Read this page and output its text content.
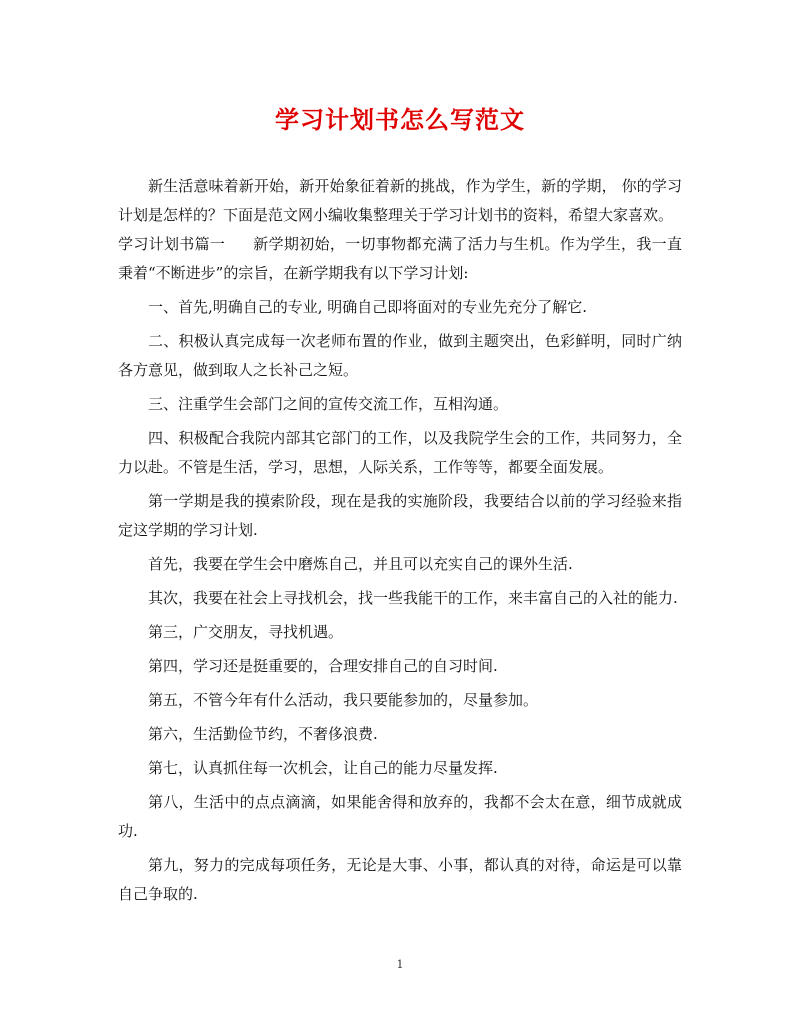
学习计划书怎么写范文

新生活意味着新开始，新开始象征着新的挑战，作为学生，新的学期， 你的学习计划是怎样的？下面是范文网小编收集整理关于学习计划书的资料，希望大家喜欢。

学习计划书篇一 新学期初始，一切事物都充满了活力与生机。作为学生，我一直秉着“不断进步”的宗旨，在新学期我有以下学习计划:

一、首先,明确自己的专业, 明确自己即将面对的专业先充分了解它.

二、积极认真完成每一次老师布置的作业，做到主题突出，色彩鲜明，同时广纳各方意见，做到取人之长补己之短。

三、注重学生会部门之间的宣传交流工作，互相沟通。

四、积极配合我院内部其它部门的工作，以及我院学生会的工作，共同努力，全力以赴。不管是生活，学习，思想，人际关系，工作等等，都要全面发展。

第一学期是我的摸索阶段，现在是我的实施阶段，我要结合以前的学习经验来指定这学期的学习计划.

首先，我要在学生会中磨炼自己，并且可以充实自己的课外生活.

其次，我要在社会上寻找机会，找一些我能干的工作，来丰富自己的入社的能力.

第三，广交朋友，寻找机遇。

第四，学习还是挺重要的，合理安排自己的自习时间.

第五，不管今年有什么活动，我只要能参加的，尽量参加。

第六，生活勤俭节约，不奢侈浪费.

第七，认真抓住每一次机会，让自己的能力尽量发挥.

第八，生活中的点点滴滴，如果能舍得和放弃的，我都不会太在意，细节成就成功.

第九，努力的完成每项任务，无论是大事、小事，都认真的对待，命运是可以靠自己争取的.

1
